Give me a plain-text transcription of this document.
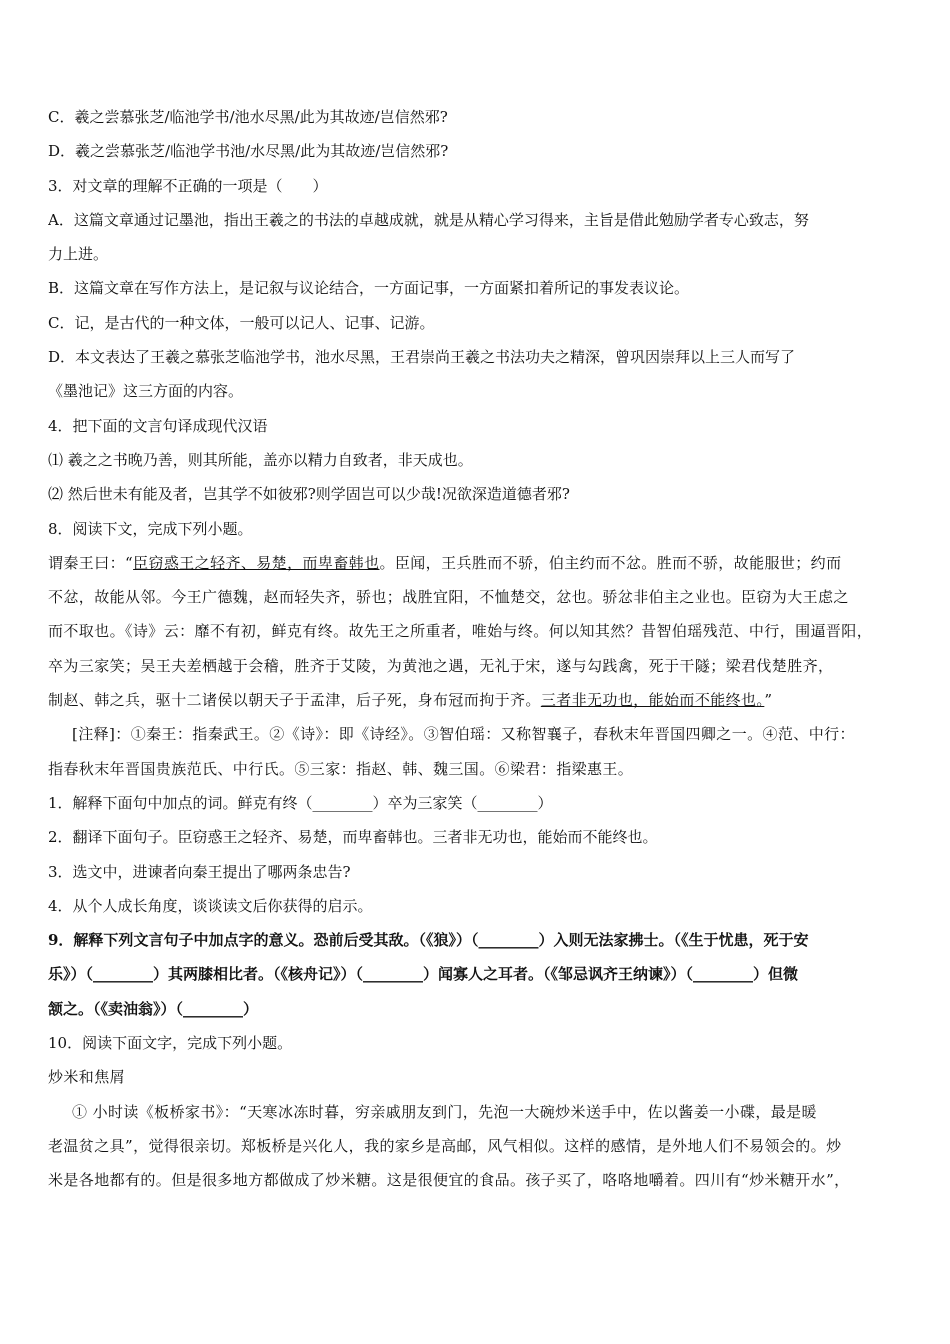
C．羲之尝慕张芝/临池学书/池水尽黑/此为其故迹/岂信然邪?
D．羲之尝慕张芝/临池学书池/水尽黑/此为其故迹/岂信然邪?
3．对文章的理解不正确的一项是（　　）
A．这篇文章通过记墨池，指出王羲之的书法的卓越成就，就是从精心学习得来，主旨是借此勉励学者专心致志，努
力上进。
B．这篇文章在写作方法上，是记叙与议论结合，一方面记事，一方面紧扣着所记的事发表议论。
C．记，是古代的一种文体，一般可以记人、记事、记游。
D．本文表达了王羲之慕张芝临池学书，池水尽黑，王君崇尚王羲之书法功夫之精深，曾巩因崇拜以上三人而写了
《墨池记》这三方面的内容。
4．把下面的文言句译成现代汉语
⑴ 羲之之书晚乃善，则其所能，盖亦以精力自致者，非天成也。
⑵ 然后世未有能及者，岂其学不如彼邪?则学固岂可以少哉!况欲深造道德者邪?
8．阅读下文，完成下列小题。
谓秦王曰：“臣窃惑王之轻齐、易楚，而卑畜韩也。臣闻，王兵胜而不骄，伯主约而不忿。胜而不骄，故能服世；约而
不忿，故能从邻。今王广德魏，赵而轻失齐，骄也；战胜宜阳，不恤楚交，忿也。骄忿非伯主之业也。臣窃为大王虑之
而不取也。《诗》云：靡不有初，鲜克有终。故先王之所重者，唯始与终。何以知其然？昔智伯瑶残范、中行，围逼晋阳，
卒为三家笑；吴王夫差栖越于会稽，胜齐于艾陵，为黄池之遇，无礼于宋，遂与勾践禽，死于干隧；梁君伐楚胜齐，
制赵、韩之兵，驱十二诸侯以朝天子于孟津，后子死，身布冠而拘于齐。三者非无功也，能始而不能终也。”
[注释]：①秦王：指秦武王。②《诗》：即《诗经》。③智伯瑶：又称智襄子，春秋末年晋国四卿之一。④范、中行：
指春秋末年晋国贵族范氏、中行氏。⑤三家：指赵、韩、魏三国。⑥梁君：指梁惠王。
1．解释下面句中加点的词。鲜克有终（________）卒为三家笑（________）
2．翻译下面句子。臣窃惑王之轻齐、易楚，而卑畜韩也。三者非无功也，能始而不能终也。
3．选文中，进谏者向秦王提出了哪两条忠告?
4．从个人成长角度，谈谈读文后你获得的启示。
9．解释下列文言句子中加点字的意义。恐前后受其敌。（《狼》）（________）入则无法家拂士。（《生于忧患，死于安
乐》）（________）其两膝相比者。（《核舟记》）（________）闻寡人之耳者。（《邹忌讽齐王纳谏》）（________）但微
颔之。（《卖油翁》）（________）
10．阅读下面文字，完成下列小题。
炒米和焦屑
① 小时读《板桥家书》：“天寒冰冻时暮，穷亲戚朋友到门，先泡一大碗炒米送手中，佐以酱姜一小碟，最是暖
老温贫之具”，觉得很亲切。郑板桥是兴化人，我的家乡是高邮，风气相似。这样的感情，是外地人们不易领会的。炒
米是各地都有的。但是很多地方都做成了炒米糖。这是很便宜的食品。孩子买了，咯咯地嚼着。四川有“炒米糖开水”，
